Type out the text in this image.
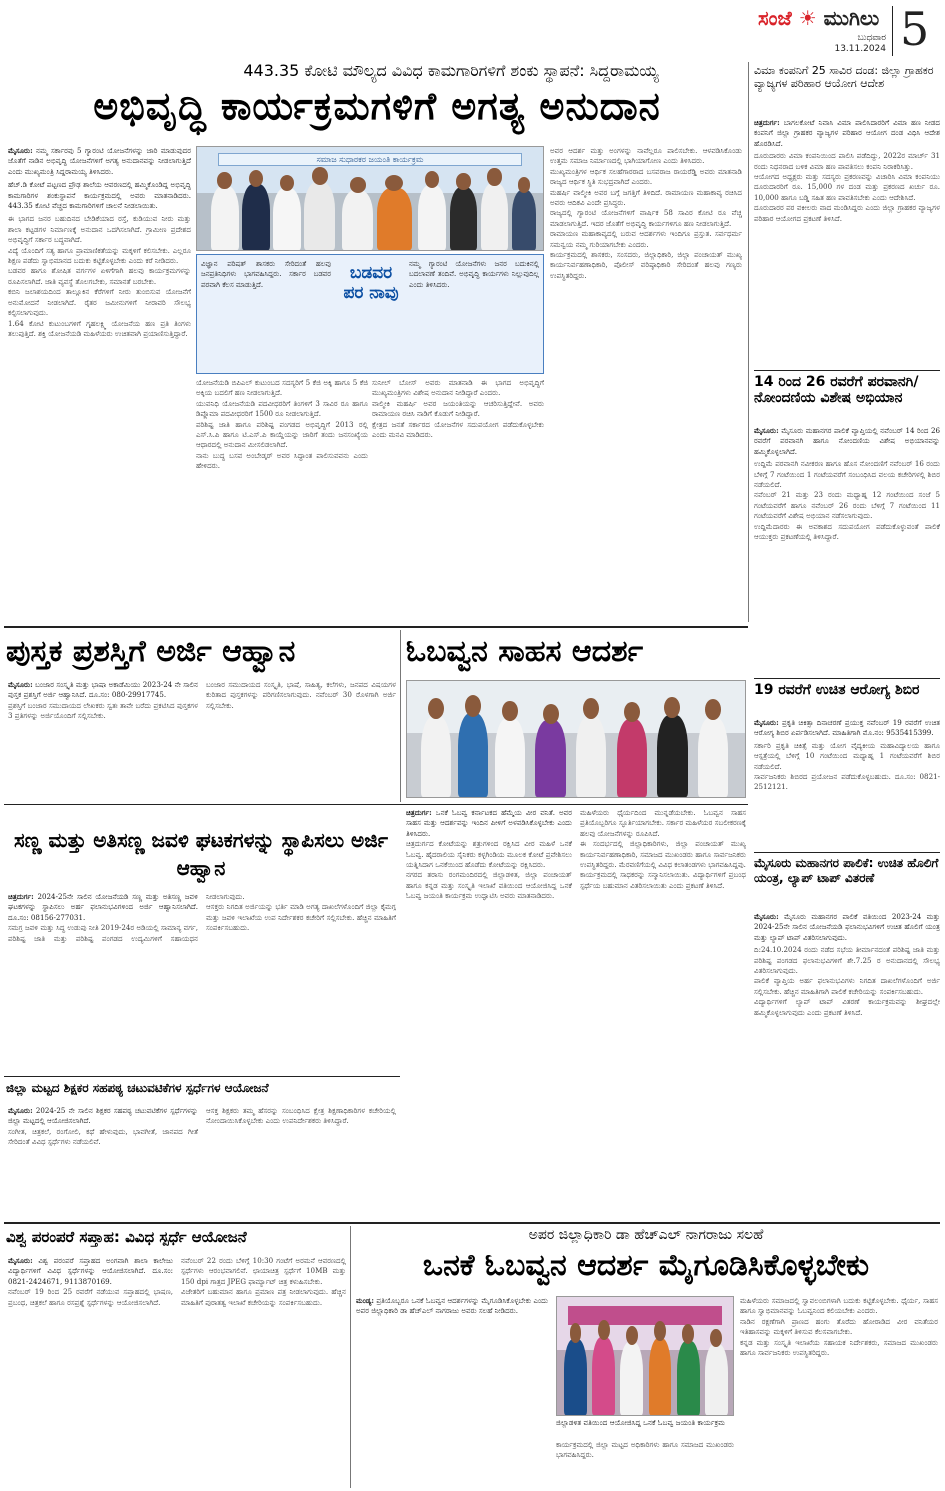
ಸಂಜೆ ☀ ಮುಗಿಲು
ಬುಧವಾರ
13.11.2024 5
443.35 ಕೋಟಿ ಮೌಲ್ಯದ ವಿವಿಧ ಕಾಮಗಾರಿಗಳಿಗೆ ಶಂಕು ಸ್ಥಾಪನೆ: ಸಿದ್ದರಾಮಯ್ಯ
ಅಭಿವೃದ್ಧಿ ಕಾರ್ಯಕ್ರಮಗಳಿಗೆ ಅಗತ್ಯ ಅನುದಾನ
ಮೈಸೂರು: ನಮ್ಮ ಸರ್ಕಾರವು 5 ಗ್ಯಾರಂಟಿ ಯೋಜನೆಗಳನ್ನು ಜಾರಿ ಮಾಡುವುದರ ಜೊತೆಗೆ ನಾಡಿನ ಅಭಿವೃದ್ಧಿ ಯೋಜನೆಗಳಿಗೆ ಅಗತ್ಯ ಅನುದಾನವನ್ನು ನೀಡಲಾಗುತ್ತಿದೆ ಎಂದು ಮುಖ್ಯಮಂತ್ರಿ ಸಿದ್ದರಾಮಯ್ಯ ತಿಳಿಸಿದರು.

ಹೆಚ್.ಡಿ ಕೋಟೆ ಪಟ್ಟಣದ ಪ್ರೌಢ ಶಾಲೆಯ ಆವರಣದಲ್ಲಿ ಹಮ್ಮಿಕೊಂಡಿದ್ದ ಅಭಿವೃದ್ಧಿ ಕಾಮಗಾರಿಗಳ ಶಂಕುಸ್ಥಾಪನೆ ಕಾರ್ಯಕ್ರಮದಲ್ಲಿ ಅವರು ಮಾತನಾಡಿದರು. 443.35 ಕೋಟಿ ವೆಚ್ಚದ ಕಾಮಗಾರಿಗಳಿಗೆ ಚಾಲನೆ ನೀಡಲಾಯಿತು.

ಈ ಭಾಗದ ಜನರ ಬಹುದಿನದ ಬೇಡಿಕೆಯಾದ ರಸ್ತೆ, ಕುಡಿಯುವ ನೀರು ಮತ್ತು ಶಾಲಾ ಕಟ್ಟಡಗಳ ನಿರ್ಮಾಣಕ್ಕೆ ಅನುದಾನ ಒದಗಿಸಲಾಗಿದೆ. ಗ್ರಾಮೀಣ ಪ್ರದೇಶದ ಅಭಿವೃದ್ಧಿಗೆ ಸರ್ಕಾರ ಬದ್ಧವಾಗಿದೆ.
ವಿದ್ಯೆ ಯೊಂದಿಗೆ ಸತ್ಯ ಹಾಗೂ ಪ್ರಾಮಾಣಿಕತೆಯನ್ನು ಮಕ್ಕಳಿಗೆ ಕಲಿಸಬೇಕು. ಎಲ್ಲರೂ ಶಿಕ್ಷಣ ಪಡೆದು ಸ್ವಾಭಿಮಾನದ ಬದುಕು ಕಟ್ಟಿಕೊಳ್ಳಬೇಕು ಎಂದು ಕರೆ ನೀಡಿದರು.
ಬಡವರ ಹಾಗೂ ಶೋಷಿತ ವರ್ಗಗಳ ಏಳಿಗೆಗಾಗಿ ಹಲವು ಕಾರ್ಯಕ್ರಮಗಳನ್ನು ರೂಪಿಸಲಾಗಿದೆ. ಜಾತಿ ವ್ಯವಸ್ಥೆ ತೊಲಗಬೇಕು, ಸಮಾನತೆ ಬರಬೇಕು.
ಕಬಿನಿ ಜಲಾಶಯದಿಂದ ತಾಲ್ಲೂಕಿನ ಕೆರೆಗಳಿಗೆ ನೀರು ತುಂಬಿಸುವ ಯೋಜನೆಗೆ ಅನುಮೋದನೆ ನೀಡಲಾಗಿದೆ. ರೈತರ ಜಮೀನುಗಳಿಗೆ ನೀರಾವರಿ ಸೌಲಭ್ಯ ಕಲ್ಪಿಸಲಾಗುವುದು.
1.64 ಕೋಟಿ ಕುಟುಂಬಗಳಿಗೆ ಗೃಹಲಕ್ಷ್ಮಿ ಯೋಜನೆಯ ಹಣ ಪ್ರತಿ ತಿಂಗಳು ತಲುಪುತ್ತಿದೆ. ಶಕ್ತಿ ಯೋಜನೆಯಡಿ ಮಹಿಳೆಯರು ಉಚಿತವಾಗಿ ಪ್ರಯಾಣಿಸುತ್ತಿದ್ದಾರೆ.
ಸಮಾಜ ಸುಧಾರಕರ ಜಯಂತಿ ಕಾರ್ಯಕ್ರಮ
ವಿಜ್ಞಾನ ಪರಿಷತ್ ಶಾಸಕರು ಸೇರಿದಂತೆ ಹಲವು ಜನಪ್ರತಿನಿಧಿಗಳು ಭಾಗವಹಿಸಿದ್ದರು. ಸರ್ಕಾರ ಬಡವರ ಪರವಾಗಿ ಕೆಲಸ ಮಾಡುತ್ತಿದೆ.
ಬಡವರ ಪರ ನಾವು
ನಮ್ಮ ಗ್ಯಾರಂಟಿ ಯೋಜನೆಗಳು ಜನರ ಬದುಕಿನಲ್ಲಿ ಬದಲಾವಣೆ ತಂದಿವೆ. ಅಭಿವೃದ್ಧಿ ಕಾರ್ಯಗಳು ನಿಲ್ಲುವುದಿಲ್ಲ ಎಂದು ತಿಳಿಸಿದರು.
ಯೋಜನೆಯಡಿ ಬಿಪಿಎಲ್ ಕುಟುಂಬದ ಸದಸ್ಯರಿಗೆ 5 ಕೆಜಿ ಅಕ್ಕಿ ಹಾಗೂ 5 ಕೆಜಿ ಅಕ್ಕಿಯ ಬದಲಿಗೆ ಹಣ ನೀಡಲಾಗುತ್ತಿದೆ.
ಯುವನಿಧಿ ಯೋಜನೆಯಡಿ ಪದವೀಧರರಿಗೆ ತಿಂಗಳಿಗೆ 3 ಸಾವಿರ ರೂ ಹಾಗೂ ಡಿಪ್ಲೊಮಾ ಪದವೀಧರರಿಗೆ 1500 ರೂ ನೀಡಲಾಗುತ್ತಿದೆ.
ಪರಿಶಿಷ್ಟ ಜಾತಿ ಹಾಗೂ ಪರಿಶಿಷ್ಟ ಪಂಗಡದ ಅಭಿವೃದ್ಧಿಗೆ 2013 ರಲ್ಲಿ ಎಸ್.ಸಿ.ಪಿ ಹಾಗೂ ಟಿ.ಎಸ್.ಪಿ ಕಾಯ್ದೆಯನ್ನು ಜಾರಿಗೆ ತಂದು ಜನಸಂಖ್ಯೆಯ ಆಧಾರದಲ್ಲಿ ಅನುದಾನ ಮೀಸಲಿಡಲಾಗಿದೆ.
ನಾನು ಬುದ್ಧ ಬಸವ ಅಂಬೇಡ್ಕರ್ ಅವರ ಸಿದ್ಧಾಂತ ಪಾಲಿಸುವವನು ಎಂದು ಹೇಳಿದರು.
ಸುನೀಲ್ ಬೋಸ್ ಅವರು ಮಾತನಾಡಿ ಈ ಭಾಗದ ಅಭಿವೃದ್ಧಿಗೆ ಮುಖ್ಯಮಂತ್ರಿಗಳು ವಿಶೇಷ ಅನುದಾನ ನೀಡಿದ್ದಾರೆ ಎಂದರು.
ವಾಲ್ಮೀಕಿ ಮಹರ್ಷಿ ಅವರ ಜಯಂತಿಯನ್ನು ಆಚರಿಸುತ್ತಿದ್ದೇವೆ. ಅವರು ರಾಮಾಯಣ ರಚಿಸಿ ನಾಡಿಗೆ ಕೊಡುಗೆ ನೀಡಿದ್ದಾರೆ.
ಕ್ಷೇತ್ರದ ಜನತೆ ಸರ್ಕಾರದ ಯೋಜನೆಗಳ ಸದುಪಯೋಗ ಪಡೆದುಕೊಳ್ಳಬೇಕು ಎಂದು ಮನವಿ ಮಾಡಿದರು.
ಅವರ ಆದರ್ಶ ಮತ್ತು ಅಂಗಳನ್ನು ನಾವೆಲ್ಲರೂ ಪಾಲಿಸಬೇಕು. ಆಳವಡಿಸಿಕೊಂಡು ಉತ್ತಮ ಸಮಾಜ ನಿರ್ಮಾಣದಲ್ಲಿ ಭಾಗಿಯಾಗೋಣ ಎಂದು ತಿಳಿಸಿದರು.
ಮುಖ್ಯಮಂತ್ರಿಗಳ ಆರ್ಥಿಕ ಸಲಹೆಗಾರರಾದ ಬಸವರಾಜ ರಾಯರೆಡ್ಡಿ ಅವರು ಮಾತನಾಡಿ ರಾಜ್ಯದ ಆರ್ಥಿಕ ಸ್ಥಿತಿ ಸುಭದ್ರವಾಗಿದೆ ಎಂದರು.
ಮಹರ್ಷಿ ವಾಲ್ಮೀಕಿ ಅವರ ಬಗ್ಗೆ ಜಗತ್ತಿಗೆ ತಿಳಿದಿದೆ. ರಾಮಾಯಣ ಮಹಾಕಾವ್ಯ ರಚಿಸಿದ ಅವರು ಆದಿಕವಿ ಎಂದೇ ಪ್ರಸಿದ್ಧರು.
ರಾಜ್ಯದಲ್ಲಿ ಗ್ಯಾರಂಟಿ ಯೋಜನೆಗಳಿಗೆ ವಾರ್ಷಿಕ 58 ಸಾವಿರ ಕೋಟಿ ರೂ ವೆಚ್ಚ ಮಾಡಲಾಗುತ್ತಿದೆ. ಇದರ ಜೊತೆಗೆ ಅಭಿವೃದ್ಧಿ ಕಾರ್ಯಗಳಿಗೂ ಹಣ ನೀಡಲಾಗುತ್ತಿದೆ.
ರಾಮಾಯಣ ಮಹಾಕಾವ್ಯದಲ್ಲಿ ಬರುವ ಆದರ್ಶಗಳು ಇಂದಿಗೂ ಪ್ರಸ್ತುತ. ಸರ್ವಧರ್ಮ ಸಮನ್ವಯ ನಮ್ಮ ಗುರಿಯಾಗಬೇಕು ಎಂದರು.
ಕಾರ್ಯಕ್ರಮದಲ್ಲಿ ಶಾಸಕರು, ಸಂಸದರು, ಜಿಲ್ಲಾಧಿಕಾರಿ, ಜಿಲ್ಲಾ ಪಂಚಾಯತ್ ಮುಖ್ಯ ಕಾರ್ಯನಿರ್ವಹಣಾಧಿಕಾರಿ, ಪೊಲೀಸ್ ವರಿಷ್ಠಾಧಿಕಾರಿ ಸೇರಿದಂತೆ ಹಲವು ಗಣ್ಯರು ಉಪಸ್ಥಿತರಿದ್ದರು.
ವಿಮಾ ಕಂಪನಿಗೆ 25 ಸಾವಿರ ದಂಡ: ಜಿಲ್ಲಾ ಗ್ರಾಹಕರ ವ್ಯಾಜ್ಯಗಳ ಪರಿಹಾರ ಆಯೋಗ ಆದೇಶ
ಚಿತ್ರದುರ್ಗ: ಬಾಗಲಕೋಟೆ ನಿವಾಸಿ ವಿಮಾ ಪಾಲಿಸಿದಾರರಿಗೆ ವಿಮಾ ಹಣ ನೀಡದ ಕಂಪನಿಗೆ ಜಿಲ್ಲಾ ಗ್ರಾಹಕರ ವ್ಯಾಜ್ಯಗಳ ಪರಿಹಾರ ಆಯೋಗ ದಂಡ ವಿಧಿಸಿ ಆದೇಶ ಹೊರಡಿಸಿದೆ.
ದೂರುದಾರರು ವಿಮಾ ಕಂಪನಿಯಿಂದ ಪಾಲಿಸಿ ಪಡೆದಿದ್ದು, 2022ರ ಮಾರ್ಚ್ 31 ರಂದು ನಿಧನರಾದ ಬಳಿಕ ವಿಮಾ ಹಣ ಪಾವತಿಸಲು ಕಂಪನಿ ನಿರಾಕರಿಸಿತ್ತು.
ಆಯೋಗದ ಅಧ್ಯಕ್ಷರು ಮತ್ತು ಸದಸ್ಯರು ಪ್ರಕರಣವನ್ನು ವಿಚಾರಿಸಿ ವಿಮಾ ಕಂಪನಿಯು ದೂರುದಾರರಿಗೆ ರೂ. 15,000 ಗಳ ದಂಡ ಮತ್ತು ಪ್ರಕರಣದ ಖರ್ಚು ರೂ. 10,000 ಹಾಗೂ ಬಡ್ಡಿ ಸಹಿತ ಹಣ ಪಾವತಿಸಬೇಕು ಎಂದು ಆದೇಶಿಸಿದೆ.
ದೂರುದಾರರ ಪರ ವಕೀಲರು ವಾದ ಮಂಡಿಸಿದ್ದರು ಎಂದು ಜಿಲ್ಲಾ ಗ್ರಾಹಕರ ವ್ಯಾಜ್ಯಗಳ ಪರಿಹಾರ ಆಯೋಗದ ಪ್ರಕಟಣೆ ತಿಳಿಸಿದೆ.
14 ರಿಂದ 26 ರವರೆಗೆ ಪರವಾನಗಿ/ನೋಂದಣಿಯ ವಿಶೇಷ ಅಭಿಯಾನ
ಮೈಸೂರು: ಮೈಸೂರು ಮಹಾನಗರ ಪಾಲಿಕೆ ವ್ಯಾಪ್ತಿಯಲ್ಲಿ ನವೆಂಬರ್ 14 ರಿಂದ 26 ರವರೆಗೆ ಪರವಾನಗಿ ಹಾಗೂ ನೋಂದಣಿಯ ವಿಶೇಷ ಅಭಿಯಾನವನ್ನು ಹಮ್ಮಿಕೊಳ್ಳಲಾಗಿದೆ.
ಉದ್ದಿಮೆ ಪರವಾನಗಿ ನವೀಕರಣ ಹಾಗೂ ಹೊಸ ನೋಂದಣಿಗೆ ನವೆಂಬರ್ 16 ರಂದು ಬೆಳಿಗ್ಗೆ 7 ಗಂಟೆಯಿಂದ 1 ಗಂಟೆಯವರೆಗೆ ಸಂಬಂಧಿಸಿದ ವಲಯ ಕಚೇರಿಗಳಲ್ಲಿ ಶಿಬಿರ ನಡೆಯಲಿದೆ.
ನವೆಂಬರ್ 21 ಮತ್ತು 23 ರಂದು ಮಧ್ಯಾಹ್ನ 12 ಗಂಟೆಯಿಂದ ಸಂಜೆ 5 ಗಂಟೆಯವರೆಗೆ ಹಾಗೂ ನವೆಂಬರ್ 26 ರಂದು ಬೆಳಿಗ್ಗೆ 7 ಗಂಟೆಯಿಂದ 11 ಗಂಟೆಯವರೆಗೆ ವಿಶೇಷ ಅಭಿಯಾನ ನಡೆಸಲಾಗುವುದು.
ಉದ್ದಿಮೆದಾರರು ಈ ಅವಕಾಶದ ಸದುಪಯೋಗ ಪಡೆದುಕೊಳ್ಳುವಂತೆ ಪಾಲಿಕೆ ಆಯುಕ್ತರು ಪ್ರಕಟಣೆಯಲ್ಲಿ ತಿಳಿಸಿದ್ದಾರೆ.
19 ರವರೆಗೆ ಉಚಿತ ಆರೋಗ್ಯ ಶಿಬಿರ
ಮೈಸೂರು: ಪ್ರಕೃತಿ ಚಿಕಿತ್ಸಾ ದಿನಾಚರಣೆ ಪ್ರಯುಕ್ತ ನವೆಂಬರ್ 19 ರವರೆಗೆ ಉಚಿತ ಆರೋಗ್ಯ ಶಿಬಿರ ಏರ್ಪಡಿಸಲಾಗಿದೆ. ಮಾಹಿತಿಗಾಗಿ ಮೊ.ನಂ: 9535415399.
ಸರ್ಕಾರಿ ಪ್ರಕೃತಿ ಚಿಕಿತ್ಸೆ ಮತ್ತು ಯೋಗ ವೈದ್ಯಕೀಯ ಮಹಾವಿದ್ಯಾಲಯ ಹಾಗೂ ಆಸ್ಪತ್ರೆಯಲ್ಲಿ ಬೆಳಿಗ್ಗೆ 10 ಗಂಟೆಯಿಂದ ಮಧ್ಯಾಹ್ನ 1 ಗಂಟೆಯವರೆಗೆ ಶಿಬಿರ ನಡೆಯಲಿದೆ.
ಸಾರ್ವಜನಿಕರು ಶಿಬಿರದ ಪ್ರಯೋಜನ ಪಡೆದುಕೊಳ್ಳಬಹುದು. ದೂ.ಸಂ: 0821-2512121.
ಮೈಸೂರು ಮಹಾನಗರ ಪಾಲಿಕೆ: ಉಚಿತ ಹೊಲಿಗೆ ಯಂತ್ರ, ಲ್ಯಾಪ್ ಟಾಪ್ ವಿತರಣೆ
ಮೈಸೂರು: ಮೈಸೂರು ಮಹಾನಗರ ಪಾಲಿಕೆ ವತಿಯಿಂದ 2023-24 ಮತ್ತು 2024-25ನೇ ಸಾಲಿನ ಯೋಜನೆಯಡಿ ಫಲಾನುಭವಿಗಳಿಗೆ ಉಚಿತ ಹೊಲಿಗೆ ಯಂತ್ರ ಮತ್ತು ಲ್ಯಾಪ್ ಟಾಪ್ ವಿತರಿಸಲಾಗುವುದು.
ದಿ:24.10.2024 ರಂದು ನಡೆದ ಸಭೆಯ ತೀರ್ಮಾನದಂತೆ ಪರಿಶಿಷ್ಟ ಜಾತಿ ಮತ್ತು ಪರಿಶಿಷ್ಟ ಪಂಗಡದ ಫಲಾನುಭವಿಗಳಿಗೆ ಶೇ.7.25 ರ ಅನುದಾನದಲ್ಲಿ ಸೌಲಭ್ಯ ವಿತರಿಸಲಾಗುವುದು.
ಪಾಲಿಕೆ ವ್ಯಾಪ್ತಿಯ ಅರ್ಹ ಫಲಾನುಭವಿಗಳು ನಿಗದಿತ ದಾಖಲೆಗಳೊಂದಿಗೆ ಅರ್ಜಿ ಸಲ್ಲಿಸಬೇಕು. ಹೆಚ್ಚಿನ ಮಾಹಿತಿಗಾಗಿ ಪಾಲಿಕೆ ಕಚೇರಿಯನ್ನು ಸಂಪರ್ಕಿಸಬಹುದು.
ವಿದ್ಯಾರ್ಥಿಗಳಿಗೆ ಲ್ಯಾಪ್ ಟಾಪ್ ವಿತರಣೆ ಕಾರ್ಯಕ್ರಮವನ್ನು ಶೀಘ್ರದಲ್ಲೇ ಹಮ್ಮಿಕೊಳ್ಳಲಾಗುವುದು ಎಂದು ಪ್ರಕಟಣೆ ತಿಳಿಸಿದೆ.
ಪುಸ್ತಕ ಪ್ರಶಸ್ತಿಗೆ ಅರ್ಜಿ ಆಹ್ವಾನ
ಮೈಸೂರು: ಬಂಜಾರ ಸಂಸ್ಕೃತಿ ಮತ್ತು ಭಾಷಾ ಅಕಾಡೆಮಿಯು 2023-24 ನೇ ಸಾಲಿನ ಪುಸ್ತಕ ಪ್ರಶಸ್ತಿಗೆ ಅರ್ಜಿ ಆಹ್ವಾನಿಸಿದೆ. ದೂ.ಸಂ: 080-29917745.
ಪ್ರಶಸ್ತಿಗೆ ಬಂಜಾರ ಸಮುದಾಯದ ಲೇಖಕರು ಸ್ವತಃ ತಾವೇ ಬರೆದು ಪ್ರಕಟಿಸಿದ ಪುಸ್ತಕಗಳ 3 ಪ್ರತಿಗಳನ್ನು ಅರ್ಜಿಯೊಂದಿಗೆ ಸಲ್ಲಿಸಬೇಕು.
ಬಂಜಾರ ಸಮುದಾಯದ ಸಂಸ್ಕೃತಿ, ಭಾಷೆ, ಸಾಹಿತ್ಯ, ಕಲೆಗಳು, ಜನಪದ ವಿಷಯಗಳ ಕುರಿತಾದ ಪುಸ್ತಕಗಳನ್ನು ಪರಿಗಣಿಸಲಾಗುವುದು. ನವೆಂಬರ್ 30 ರೊಳಗಾಗಿ ಅರ್ಜಿ ಸಲ್ಲಿಸಬೇಕು.
ಓಬವ್ವನ ಸಾಹಸ ಆದರ್ಶ
ಸಣ್ಣ ಮತ್ತು ಅತಿಸಣ್ಣ ಜವಳಿ ಘಟಕಗಳನ್ನು ಸ್ಥಾಪಿಸಲು ಅರ್ಜಿ ಆಹ್ವಾನ
ಚಿತ್ರದುರ್ಗ: 2024-25ನೇ ಸಾಲಿನ ಯೋಜನೆಯಡಿ ಸಣ್ಣ ಮತ್ತು ಅತಿಸಣ್ಣ ಜವಳಿ ಘಟಕಗಳನ್ನು ಸ್ಥಾಪಿಸಲು ಅರ್ಹ ಫಲಾನುಭವಿಗಳಿಂದ ಅರ್ಜಿ ಆಹ್ವಾನಿಸಲಾಗಿದೆ. ದೂ.ಸಂ: 08156-277031.
ಸಮಗ್ರ ಜವಳಿ ಮತ್ತು ಸಿದ್ಧ ಉಡುಪು ನೀತಿ 2019-24ರ ಅಡಿಯಲ್ಲಿ ಸಾಮಾನ್ಯ ವರ್ಗ, ಪರಿಶಿಷ್ಟ ಜಾತಿ ಮತ್ತು ಪರಿಶಿಷ್ಟ ಪಂಗಡದ ಉದ್ಯಮಿಗಳಿಗೆ ಸಹಾಯಧನ ನೀಡಲಾಗುವುದು.
ಆಸಕ್ತರು ನಿಗದಿತ ಅರ್ಜಿಯನ್ನು ಭರ್ತಿ ಮಾಡಿ ಅಗತ್ಯ ದಾಖಲೆಗಳೊಂದಿಗೆ ಜಿಲ್ಲಾ ಕೈಮಗ್ಗ ಮತ್ತು ಜವಳಿ ಇಲಾಖೆಯ ಉಪ ನಿರ್ದೇಶಕರ ಕಚೇರಿಗೆ ಸಲ್ಲಿಸಬೇಕು. ಹೆಚ್ಚಿನ ಮಾಹಿತಿಗೆ ಸಂಪರ್ಕಿಸಬಹುದು.
ಚಿತ್ರದುರ್ಗ: ಒನಕೆ ಓಬವ್ವ ಕರ್ನಾಟಕದ ಹೆಮ್ಮೆಯ ವೀರ ವನಿತೆ. ಅವರ ಸಾಹಸ ಮತ್ತು ಆದರ್ಶವನ್ನು ಇಂದಿನ ಪೀಳಿಗೆ ಅಳವಡಿಸಿಕೊಳ್ಳಬೇಕು ಎಂದು ತಿಳಿಸಿದರು.
ಚಿತ್ರದುರ್ಗದ ಕೋಟೆಯನ್ನು ಶತ್ರುಗಳಿಂದ ರಕ್ಷಿಸಿದ ವೀರ ಮಹಿಳೆ ಒನಕೆ ಓಬವ್ವ. ಹೈದರಾಲಿಯ ಸೈನಿಕರು ಕಳ್ಳಗಿಂಡಿಯ ಮೂಲಕ ಕೋಟೆ ಪ್ರವೇಶಿಸಲು ಯತ್ನಿಸಿದಾಗ ಒನಕೆಯಿಂದ ಹೊಡೆದು ಕೋಟೆಯನ್ನು ರಕ್ಷಿಸಿದರು.
ನಗರದ ತರಾಸು ರಂಗಮಂದಿರದಲ್ಲಿ ಜಿಲ್ಲಾಡಳಿತ, ಜಿಲ್ಲಾ ಪಂಚಾಯತ್ ಹಾಗೂ ಕನ್ನಡ ಮತ್ತು ಸಂಸ್ಕೃತಿ ಇಲಾಖೆ ವತಿಯಿಂದ ಆಯೋಜಿಸಿದ್ದ ಒನಕೆ ಓಬವ್ವ ಜಯಂತಿ ಕಾರ್ಯಕ್ರಮ ಉದ್ಘಾಟಿಸಿ ಅವರು ಮಾತನಾಡಿದರು.
ಮಹಿಳೆಯರು ಧೈರ್ಯದಿಂದ ಮುನ್ನಡೆಯಬೇಕು. ಓಬವ್ವನ ಸಾಹಸ ಪ್ರತಿಯೊಬ್ಬರಿಗೂ ಸ್ಫೂರ್ತಿಯಾಗಬೇಕು. ಸರ್ಕಾರ ಮಹಿಳೆಯರ ಸಬಲೀಕರಣಕ್ಕೆ ಹಲವು ಯೋಜನೆಗಳನ್ನು ರೂಪಿಸಿದೆ.
ಈ ಸಂದರ್ಭದಲ್ಲಿ ಜಿಲ್ಲಾಧಿಕಾರಿಗಳು, ಜಿಲ್ಲಾ ಪಂಚಾಯತ್ ಮುಖ್ಯ ಕಾರ್ಯನಿರ್ವಹಣಾಧಿಕಾರಿ, ಸಮಾಜದ ಮುಖಂಡರು ಹಾಗೂ ಸಾರ್ವಜನಿಕರು ಉಪಸ್ಥಿತರಿದ್ದರು. ಮೆರವಣಿಗೆಯಲ್ಲಿ ವಿವಿಧ ಕಲಾತಂಡಗಳು ಭಾಗವಹಿಸಿದ್ದವು.
ಕಾರ್ಯಕ್ರಮದಲ್ಲಿ ಸಾಧಕರನ್ನು ಸನ್ಮಾನಿಸಲಾಯಿತು. ವಿದ್ಯಾರ್ಥಿಗಳಿಗೆ ಪ್ರಬಂಧ ಸ್ಪರ್ಧೆಯ ಬಹುಮಾನ ವಿತರಿಸಲಾಯಿತು ಎಂದು ಪ್ರಕಟಣೆ ತಿಳಿಸಿದೆ.
ಜಿಲ್ಲಾ ಮಟ್ಟದ ಶಿಕ್ಷಕರ ಸಹಪಠ್ಯ ಚಟುವಟಿಕೆಗಳ ಸ್ಪರ್ಧೆಗಳ ಆಯೋಜನೆ
ಮೈಸೂರು: 2024-25 ನೇ ಸಾಲಿನ ಶಿಕ್ಷಕರ ಸಹಪಠ್ಯ ಚಟುವಟಿಕೆಗಳ ಸ್ಪರ್ಧೆಗಳನ್ನು ಜಿಲ್ಲಾ ಮಟ್ಟದಲ್ಲಿ ಆಯೋಜಿಸಲಾಗಿದೆ.
ಸಂಗೀತ, ಚಿತ್ರಕಲೆ, ರಂಗೋಲಿ, ಕಥೆ ಹೇಳುವುದು, ಭಾವಗೀತೆ, ಜಾನಪದ ಗೀತೆ ಸೇರಿದಂತೆ ವಿವಿಧ ಸ್ಪರ್ಧೆಗಳು ನಡೆಯಲಿವೆ.
ಆಸಕ್ತ ಶಿಕ್ಷಕರು ತಮ್ಮ ಹೆಸರನ್ನು ಸಂಬಂಧಿಸಿದ ಕ್ಷೇತ್ರ ಶಿಕ್ಷಣಾಧಿಕಾರಿಗಳ ಕಚೇರಿಯಲ್ಲಿ ನೋಂದಾಯಿಸಿಕೊಳ್ಳಬೇಕು ಎಂದು ಉಪನಿರ್ದೇಶಕರು ತಿಳಿಸಿದ್ದಾರೆ.
ವಿಶ್ವ ಪರಂಪರೆ ಸಪ್ತಾಹ: ವಿವಿಧ ಸ್ಪರ್ಧೆ ಆಯೋಜನೆ
ಮೈಸೂರು: ವಿಶ್ವ ಪರಂಪರೆ ಸಪ್ತಾಹದ ಅಂಗವಾಗಿ ಶಾಲಾ ಕಾಲೇಜು ವಿದ್ಯಾರ್ಥಿಗಳಿಗೆ ವಿವಿಧ ಸ್ಪರ್ಧೆಗಳನ್ನು ಆಯೋಜಿಸಲಾಗಿದೆ. ದೂ.ಸಂ: 0821-2424671, 9113870169.
ನವೆಂಬರ್ 19 ರಿಂದ 25 ರವರೆಗೆ ನಡೆಯುವ ಸಪ್ತಾಹದಲ್ಲಿ ಭಾಷಣ, ಪ್ರಬಂಧ, ಚಿತ್ರಕಲೆ ಹಾಗೂ ರಸಪ್ರಶ್ನೆ ಸ್ಪರ್ಧೆಗಳನ್ನು ಆಯೋಜಿಸಲಾಗಿದೆ.
ನವೆಂಬರ್ 22 ರಂದು ಬೆಳಿಗ್ಗೆ 10:30 ಗಂಟೆಗೆ ಅರಮನೆ ಆವರಣದಲ್ಲಿ ಸ್ಪರ್ಧೆಗಳು ಆರಂಭವಾಗಲಿವೆ. ಛಾಯಾಚಿತ್ರ ಸ್ಪರ್ಧೆಗೆ 10MB ಮತ್ತು 150 dpi ಗಾತ್ರದ JPEG ಫಾರ್ಮ್ಯಾಟ್ ಚಿತ್ರ ಕಳುಹಿಸಬೇಕು.
ವಿಜೇತರಿಗೆ ಬಹುಮಾನ ಹಾಗೂ ಪ್ರಮಾಣ ಪತ್ರ ನೀಡಲಾಗುವುದು. ಹೆಚ್ಚಿನ ಮಾಹಿತಿಗೆ ಪುರಾತತ್ವ ಇಲಾಖೆ ಕಚೇರಿಯನ್ನು ಸಂಪರ್ಕಿಸಬಹುದು.
ಅಪರ ಜಿಲ್ಲಾಧಿಕಾರಿ ಡಾ ಹೆಚ್ಎಲ್ ನಾಗರಾಜು ಸಲಹೆ
ಒನಕೆ ಓಬವ್ವನ ಆದರ್ಶ ಮೈಗೂಡಿಸಿಕೊಳ್ಳಬೇಕು
ಮಂಡ್ಯ: ಪ್ರತಿಯೊಬ್ಬರೂ ಒನಕೆ ಓಬವ್ವನ ಆದರ್ಶಗಳನ್ನು ಮೈಗೂಡಿಸಿಕೊಳ್ಳಬೇಕು ಎಂದು ಅಪರ ಜಿಲ್ಲಾಧಿಕಾರಿ ಡಾ ಹೆಚ್ಎಲ್ ನಾಗರಾಜು ಅವರು ಸಲಹೆ ನೀಡಿದರು.
ಜಿಲ್ಲಾಡಳಿತ ವತಿಯಿಂದ ಆಯೋಜಿಸಿದ್ದ ಒನಕೆ ಓಬವ್ವ ಜಯಂತಿ ಕಾರ್ಯಕ್ರಮ
ಕಾರ್ಯಕ್ರಮದಲ್ಲಿ ಜಿಲ್ಲಾ ಮಟ್ಟದ ಅಧಿಕಾರಿಗಳು ಹಾಗೂ ಸಮಾಜದ ಮುಖಂಡರು ಭಾಗವಹಿಸಿದ್ದರು.
ಮಹಿಳೆಯರು ಸಮಾಜದಲ್ಲಿ ಸ್ವಾವಲಂಬಿಗಳಾಗಿ ಬದುಕು ಕಟ್ಟಿಕೊಳ್ಳಬೇಕು. ಧೈರ್ಯ, ಸಾಹಸ ಹಾಗೂ ಸ್ವಾಭಿಮಾನವನ್ನು ಓಬವ್ವನಿಂದ ಕಲಿಯಬೇಕು ಎಂದರು.
ನಾಡಿನ ರಕ್ಷಣೆಗಾಗಿ ಪ್ರಾಣದ ಹಂಗು ತೊರೆದು ಹೋರಾಡಿದ ವೀರ ವನಿತೆಯರ ಇತಿಹಾಸವನ್ನು ಮಕ್ಕಳಿಗೆ ತಿಳಿಸುವ ಕೆಲಸವಾಗಬೇಕು.
ಕನ್ನಡ ಮತ್ತು ಸಂಸ್ಕೃತಿ ಇಲಾಖೆಯ ಸಹಾಯಕ ನಿರ್ದೇಶಕರು, ಸಮಾಜದ ಮುಖಂಡರು ಹಾಗೂ ಸಾರ್ವಜನಿಕರು ಉಪಸ್ಥಿತರಿದ್ದರು.
